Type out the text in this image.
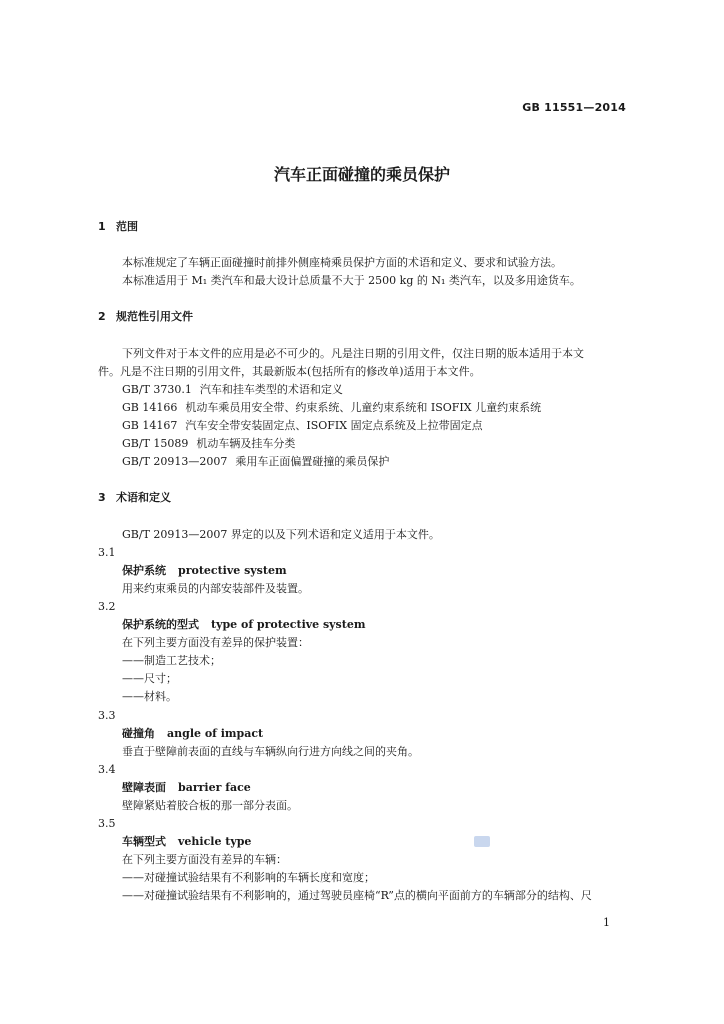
GB 11551—2014
汽车正面碰撞的乘员保护
1 范围
本标准规定了车辆正面碰撞时前排外侧座椅乘员保护方面的术语和定义、要求和试验方法。
本标准适用于 M₁ 类汽车和最大设计总质量不大于 2500 kg 的 N₁ 类汽车，以及多用途货车。
2 规范性引用文件
下列文件对于本文件的应用是必不可少的。凡是注日期的引用文件，仅注日期的版本适用于本文
件。凡是不注日期的引用文件，其最新版本(包括所有的修改单)适用于本文件。
GB/T 3730.1 汽车和挂车类型的术语和定义
GB 14166 机动车乘员用安全带、约束系统、儿童约束系统和 ISOFIX 儿童约束系统
GB 14167 汽车安全带安装固定点、ISOFIX 固定点系统及上拉带固定点
GB/T 15089 机动车辆及挂车分类
GB/T 20913—2007 乘用车正面偏置碰撞的乘员保护
3 术语和定义
GB/T 20913—2007 界定的以及下列术语和定义适用于本文件。
3.1
保护系统 protective system
用来约束乘员的内部安装部件及装置。
3.2
保护系统的型式 type of protective system
在下列主要方面没有差异的保护装置：
——制造工艺技术；
——尺寸；
——材料。
3.3
碰撞角 angle of impact
垂直于壁障前表面的直线与车辆纵向行进方向线之间的夹角。
3.4
壁障表面 barrier face
壁障紧贴着胶合板的那一部分表面。
3.5
车辆型式 vehicle type
在下列主要方面没有差异的车辆：
——对碰撞试验结果有不利影响的车辆长度和宽度；
——对碰撞试验结果有不利影响的，通过驾驶员座椅“R”点的横向平面前方的车辆部分的结构、尺
1
